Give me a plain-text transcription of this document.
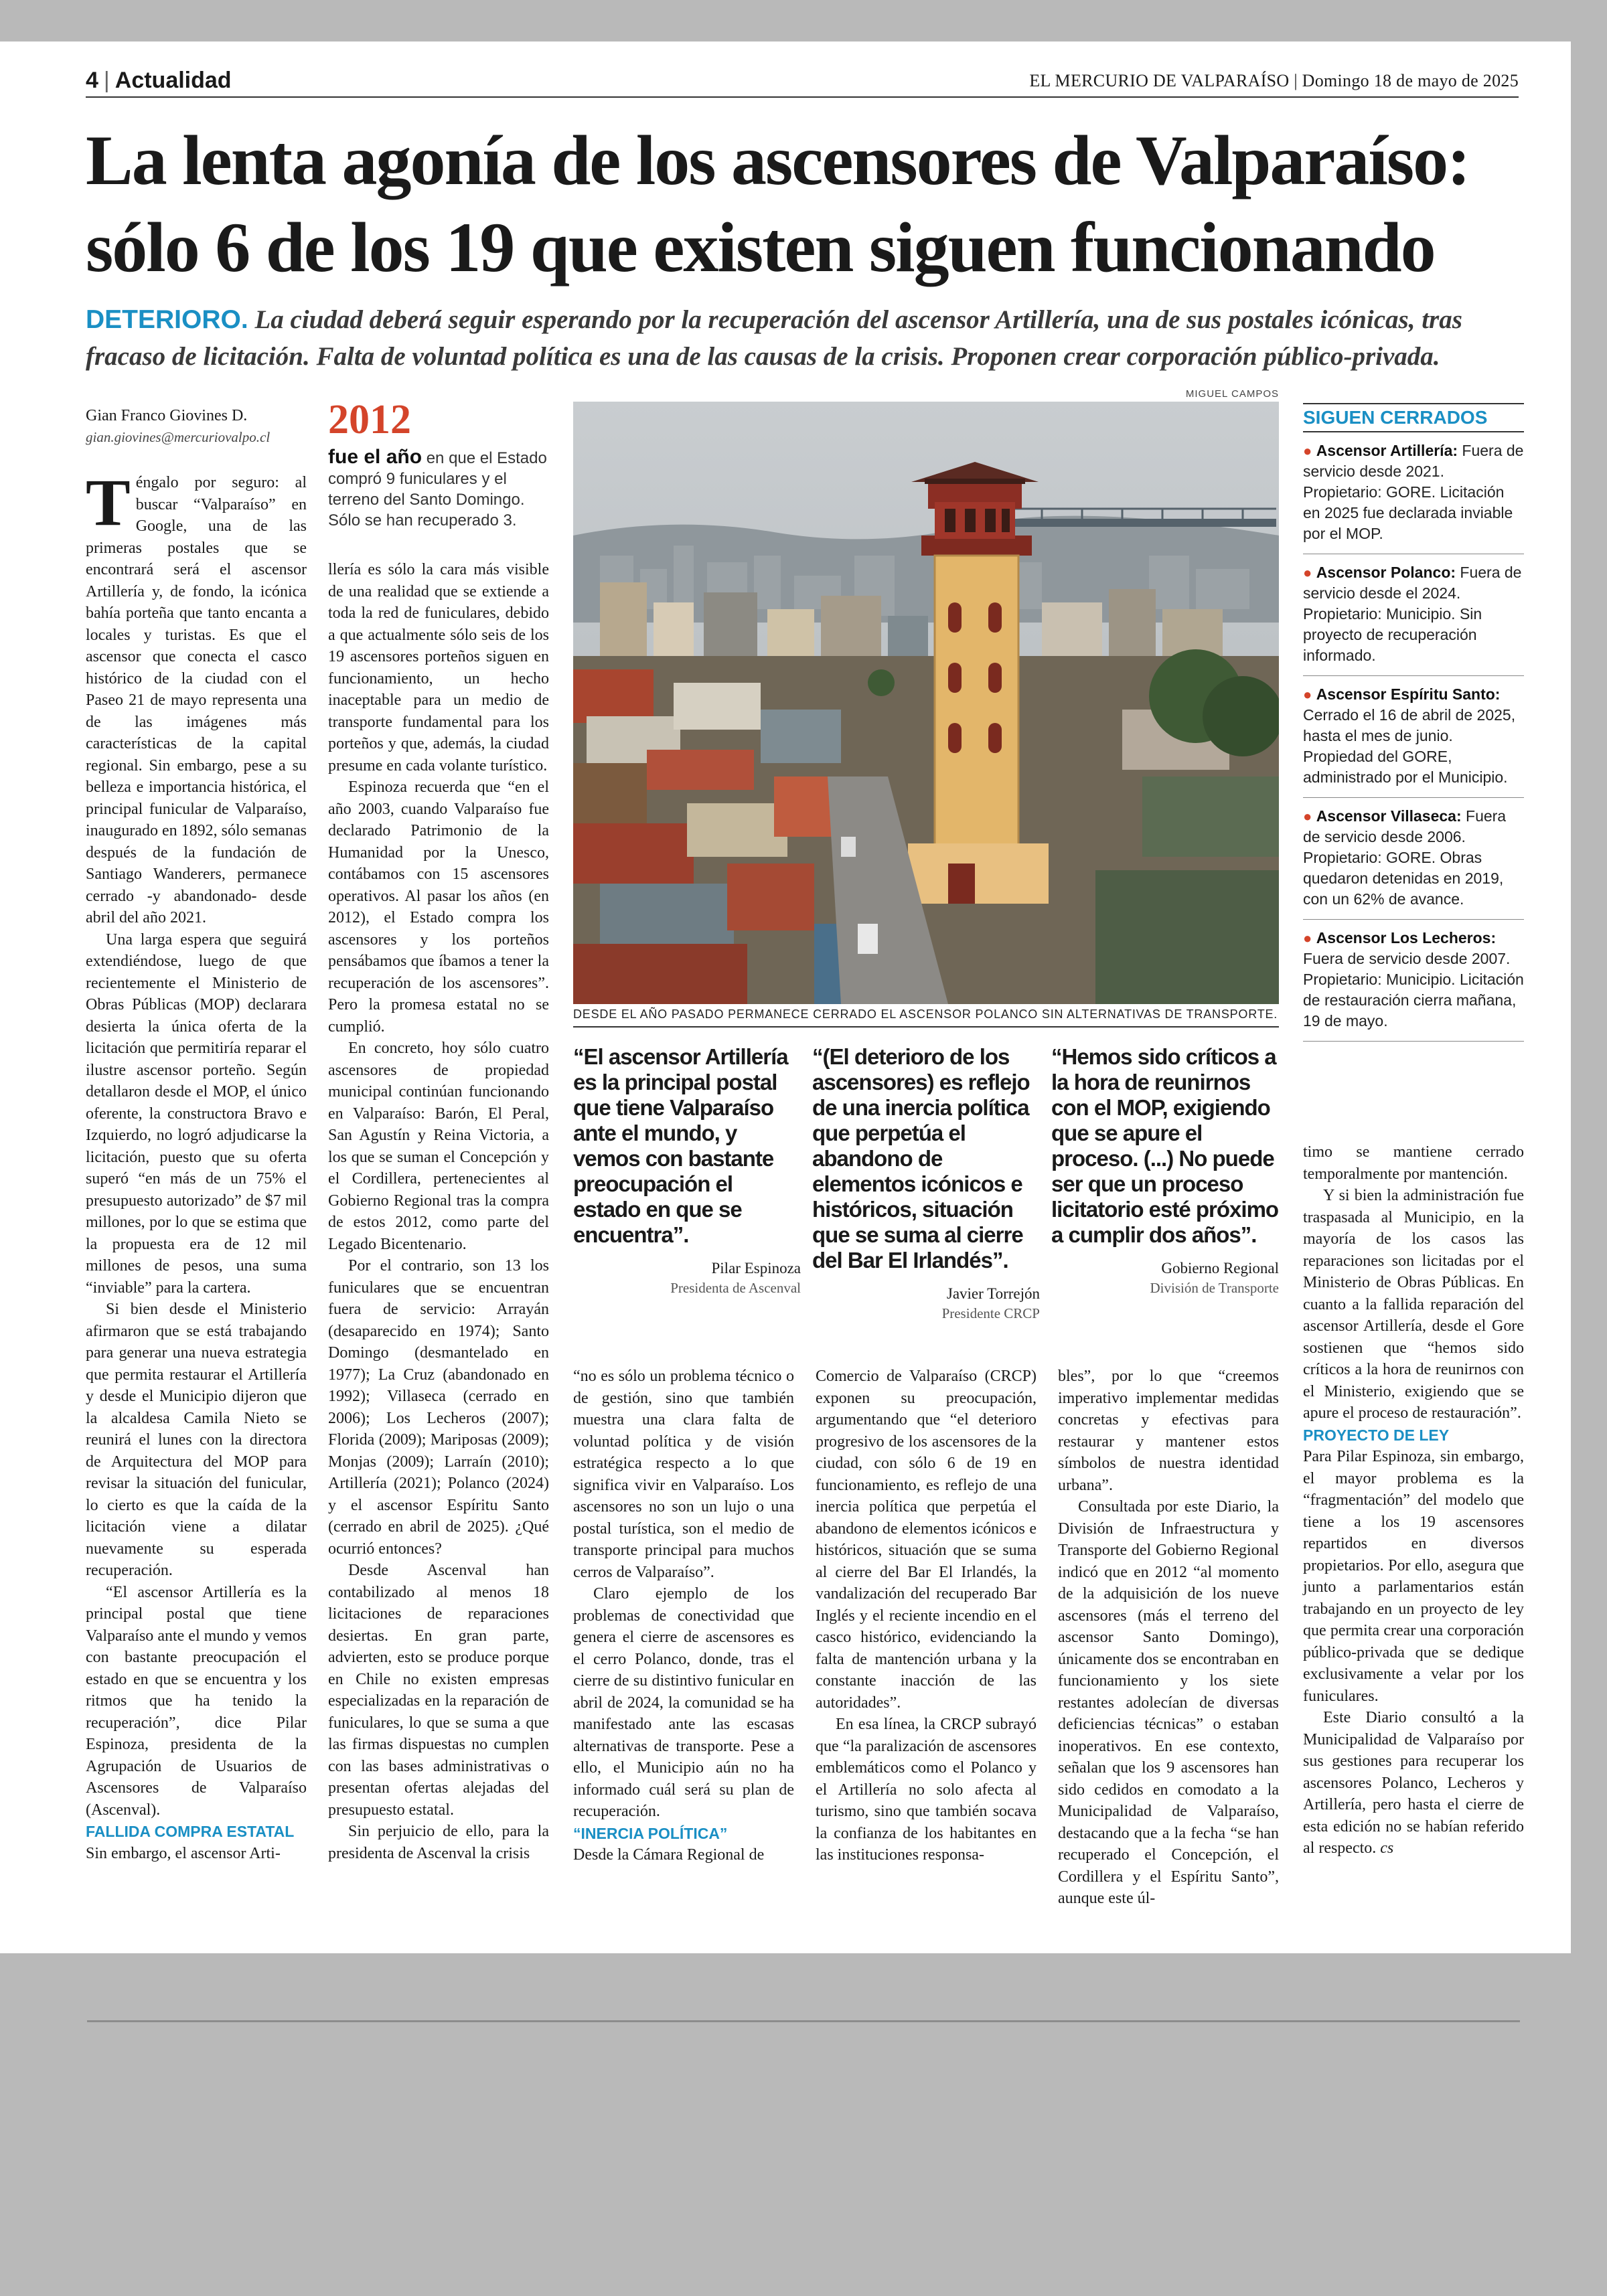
4 | Actualidad	EL MERCURIO DE VALPARAÍSO | Domingo 18 de mayo de 2025
La lenta agonía de los ascensores de Valparaíso:
sólo 6 de los 19 que existen siguen funcionando
DETERIORO. La ciudad deberá seguir esperando por la recuperación del ascensor Artillería, una de sus postales icónicas, tras fracaso de licitación. Falta de voluntad política es una de las causas de la crisis. Proponen crear corporación público-privada.
Gian Franco Giovines D.
gian.giovines@mercuriovalpo.cl

Téngalo por seguro: al buscar “Valparaíso” en Google, una de las primeras postales que se encontrará será el ascensor Artillería y, de fondo, la icónica bahía porteña que tanto encanta a locales y turistas. Es que el ascensor que conecta el casco histórico de la ciudad con el Paseo 21 de mayo representa una de las imágenes más características de la capital regional. Sin embargo, pese a su belleza e importancia histórica, el principal funicular de Valparaíso, inaugurado en 1892, sólo semanas después de la fundación de Santiago Wanderers, permanece cerrado -y abandonado- desde abril del año 2021.

Una larga espera que seguirá extendiéndose, luego de que recientemente el Ministerio de Obras Públicas (MOP) declarara desierta la única oferta de la licitación que permitiría reparar el ilustre ascensor porteño. Según detallaron desde el MOP, el único oferente, la constructora Bravo e Izquierdo, no logró adjudicarse la licitación, puesto que su oferta superó “en más de un 75% el presupuesto autorizado” de $7 mil millones, por lo que se estima que la propuesta era de 12 mil millones de pesos, una suma “inviable” para la cartera.

Si bien desde el Ministerio afirmaron que se está trabajando para generar una nueva estrategia que permita restaurar el Artillería y desde el Municipio dijeron que la alcaldesa Camila Nieto se reunirá el lunes con la directora de Arquitectura del MOP para revisar la situación del funicular, lo cierto es que la caída de la licitación viene a dilatar nuevamente su esperada recuperación.

“El ascensor Artillería es la principal postal que tiene Valparaíso ante el mundo y vemos con bastante preocupación el estado en que se encuentra y los ritmos que ha tenido la recuperación”, dice Pilar Espinoza, presidenta de la Agrupación de Usuarios de Ascensores de Valparaíso (Ascenval).

FALLIDA COMPRA ESTATAL

Sin embargo, el ascensor Arti-

2012
fue el año en que el Estado compró 9 funiculares y el terreno del Santo Domingo. Sólo se han recuperado 3.

llería es sólo la cara más visible de una realidad que se extiende a toda la red de funiculares, debido a que actualmente sólo seis de los 19 ascensores porteños siguen en funcionamiento, un hecho inaceptable para un medio de transporte fundamental para los porteños y que, además, la ciudad presume en cada volante turístico.

Espinoza recuerda que “en el año 2003, cuando Valparaíso fue declarado Patrimonio de la Humanidad por la Unesco, contábamos con 15 ascensores operativos. Al pasar los años (en 2012), el Estado compra los ascensores y los porteños pensábamos que íbamos a tener la recuperación de los ascensores”. Pero la promesa estatal no se cumplió.

En concreto, hoy sólo cuatro ascensores de propiedad municipal continúan funcionando en Valparaíso: Barón, El Peral, San Agustín y Reina Victoria, a los que se suman el Concepción y el Cordillera, pertenecientes al Gobierno Regional tras la compra de estos 2012, como parte del Legado Bicentenario.

Por el contrario, son 13 los funiculares que se encuentran fuera de servicio: Arrayán (desaparecido en 1974); Santo Domingo (desmantelado en 1977); La Cruz (abandonado en 1992); Villaseca (cerrado en 2006); Los Lecheros (2007); Florida (2009); Mariposas (2009); Monjas (2009); Larraín (2010); Artillería (2021); Polanco (2024) y el ascensor Espíritu Santo (cerrado en abril de 2025). ¿Qué ocurrió entonces?

Desde Ascenval han contabilizado al menos 18 licitaciones de reparaciones desiertas. En gran parte, advierten, esto se produce porque en Chile no existen empresas especializadas en la reparación de funiculares, lo que se suma a que las firmas dispuestas no cumplen con las bases administrativas o presentan ofertas alejadas del presupuesto estatal.

Sin perjuicio de ello, para la presidenta de Ascenval la crisis

MIGUEL CAMPOS
DESDE EL AÑO PASADO PERMANECE CERRADO EL ASCENSOR POLANCO SIN ALTERNATIVAS DE TRANSPORTE.
“El ascensor Artillería es la principal postal que tiene Valparaíso ante el mundo, y vemos con bastante preocupación el estado en que se encuentra”.
Pilar Espinoza
Presidenta de Ascenval
“(El deterioro de los ascensores) es reflejo de una inercia política que perpetúa el abandono de elementos icónicos e históricos, situación que se suma al cierre del Bar El Irlandés”.
Javier Torrejón
Presidente CRCP
“Hemos sido críticos a la hora de reunirnos con el MOP, exigiendo que se apure el proceso. (...) No puede ser que un proceso licitatorio esté próximo a cumplir dos años”.
Gobierno Regional
División de Transporte

“no es sólo un problema técnico o de gestión, sino que también muestra una clara falta de voluntad política y de visión estratégica respecto a lo que significa vivir en Valparaíso. Los ascensores no son un lujo o una postal turística, son el medio de transporte principal para muchos cerros de Valparaíso”.

Claro ejemplo de los problemas de conectividad que genera el cierre de ascensores es el cerro Polanco, donde, tras el cierre de su distintivo funicular en abril de 2024, la comunidad se ha manifestado ante las escasas alternativas de transporte. Pese a ello, el Municipio aún no ha informado cuál será su plan de recuperación.

“INERCIA POLÍTICA”

Desde la Cámara Regional de

Comercio de Valparaíso (CRCP) exponen su preocupación, argumentando que “el deterioro progresivo de los ascensores de la ciudad, con sólo 6 de 19 en funcionamiento, es reflejo de una inercia política que perpetúa el abandono de elementos icónicos e históricos, situación que se suma al cierre del Bar El Irlandés, la vandalización del recuperado Bar Inglés y el reciente incendio en el casco histórico, evidenciando la falta de mantención urbana y la constante inacción de las autoridades”.

En esa línea, la CRCP subrayó que “la paralización de ascensores emblemáticos como el Polanco y el Artillería no solo afecta al turismo, sino que también socava la confianza de los habitantes en las instituciones responsa-

bles”, por lo que “creemos imperativo implementar medidas concretas y efectivas para restaurar y mantener estos símbolos de nuestra identidad urbana”.

Consultada por este Diario, la División de Infraestructura y Transporte del Gobierno Regional indicó que en 2012 “al momento de la adquisición de los nueve ascensores (más el terreno del ascensor Santo Domingo), únicamente dos se encontraban en funcionamiento y los siete restantes adolecían de diversas deficiencias técnicas” o estaban inoperativos. En ese contexto, señalan que los 9 ascensores han sido cedidos en comodato a la Municipalidad de Valparaíso, destacando que a la fecha “se han recuperado el Concepción, el Cordillera y el Espíritu Santo”, aunque este úl-

SIGUEN CERRADOS
● Ascensor Artillería: Fuera de servicio desde 2021. Propietario: GORE. Licitación en 2025 fue declarada inviable por el MOP.
● Ascensor Polanco: Fuera de servicio desde el 2024. Propietario: Municipio. Sin proyecto de recuperación informado.
● Ascensor Espíritu Santo: Cerrado el 16 de abril de 2025, hasta el mes de junio. Propiedad del GORE, administrado por el Municipio.
● Ascensor Villaseca: Fuera de servicio desde 2006. Propietario: GORE. Obras quedaron detenidas en 2019, con un 62% de avance.
● Ascensor Los Lecheros: Fuera de servicio desde 2007. Propietario: Municipio. Licitación de restauración cierra mañana, 19 de mayo.

timo se mantiene cerrado temporalmente por mantención.

Y si bien la administración fue traspasada al Municipio, en la mayoría de los casos las reparaciones son licitadas por el Ministerio de Obras Públicas. En cuanto a la fallida reparación del ascensor Artillería, desde el Gore sostienen que “hemos sido críticos a la hora de reunirnos con el Ministerio, exigiendo que se apure el proceso de restauración”.

PROYECTO DE LEY

Para Pilar Espinoza, sin embargo, el mayor problema es la “fragmentación” del modelo que tiene a los 19 ascensores repartidos en diversos propietarios. Por ello, asegura que junto a parlamentarios están trabajando en un proyecto de ley que permita crear una corporación público-privada que se dedique exclusivamente a velar por los funiculares.

Este Diario consultó a la Municipalidad de Valparaíso por sus gestiones para recuperar los ascensores Polanco, Lecheros y Artillería, pero hasta el cierre de esta edición no se habían referido al respecto. cs
